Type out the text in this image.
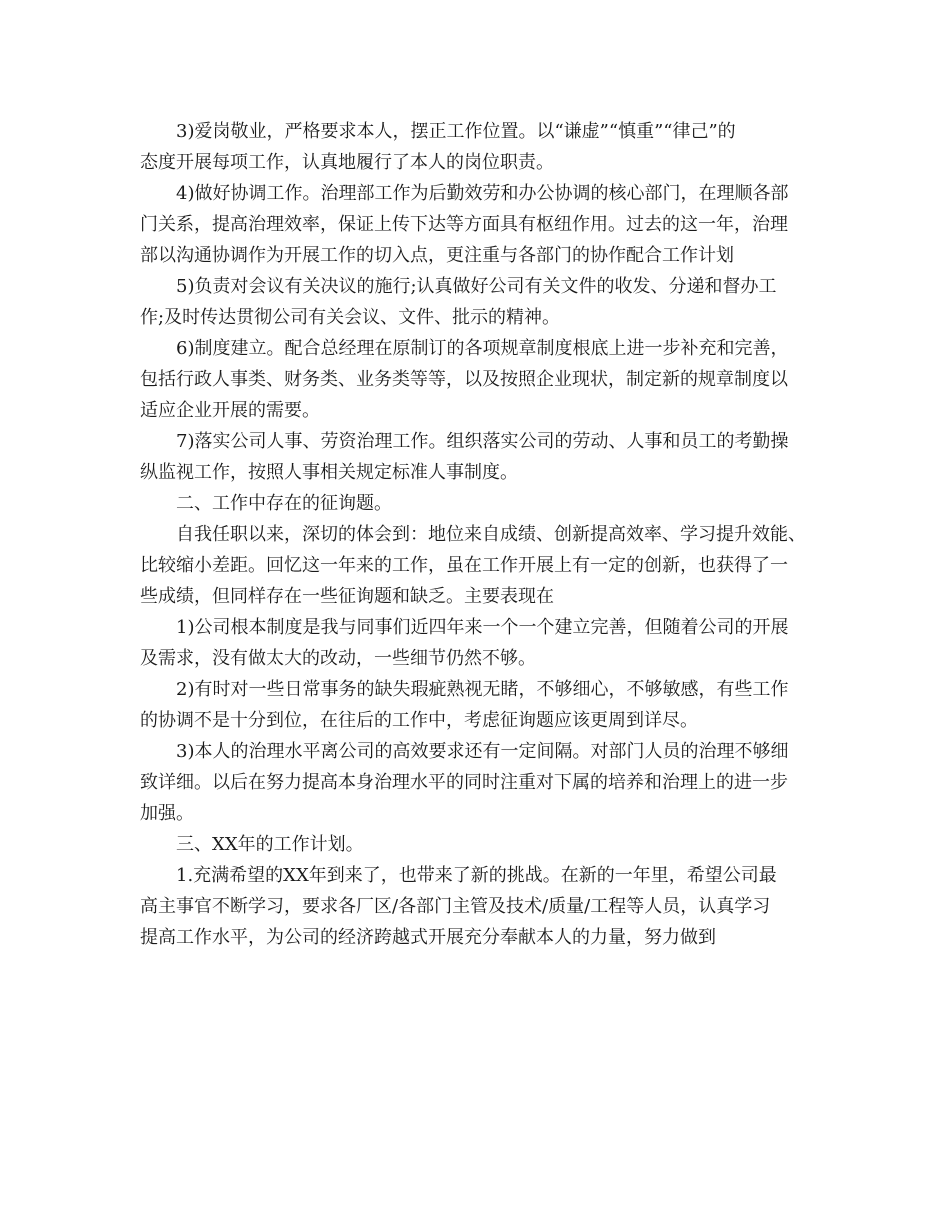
3)爱岗敬业，严格要求本人，摆正工作位置。以“谦虚”“慎重”“律己”的
态度开展每项工作，认真地履行了本人的岗位职责。
4)做好协调工作。治理部工作为后勤效劳和办公协调的核心部门，在理顺各部
门关系，提高治理效率，保证上传下达等方面具有枢纽作用。过去的这一年，治理
部以沟通协调作为开展工作的切入点，更注重与各部门的协作配合工作计划
5)负责对会议有关决议的施行;认真做好公司有关文件的收发、分递和督办工
作;及时传达贯彻公司有关会议、文件、批示的精神。
6)制度建立。配合总经理在原制订的各项规章制度根底上进一步补充和完善，
包括行政人事类、财务类、业务类等等，以及按照企业现状，制定新的规章制度以
适应企业开展的需要。
7)落实公司人事、劳资治理工作。组织落实公司的劳动、人事和员工的考勤操
纵监视工作，按照人事相关规定标准人事制度。
二、工作中存在的征询题。
自我任职以来，深切的体会到：地位来自成绩、创新提高效率、学习提升效能、
比较缩小差距。回忆这一年来的工作，虽在工作开展上有一定的创新，也获得了一
些成绩，但同样存在一些征询题和缺乏。主要表现在
1)公司根本制度是我与同事们近四年来一个一个建立完善，但随着公司的开展
及需求，没有做太大的改动，一些细节仍然不够。
2)有时对一些日常事务的缺失瑕疵熟视无睹，不够细心，不够敏感，有些工作
的协调不是十分到位，在往后的工作中，考虑征询题应该更周到详尽。
3)本人的治理水平离公司的高效要求还有一定间隔。对部门人员的治理不够细
致详细。以后在努力提高本身治理水平的同时注重对下属的培养和治理上的进一步
加强。
三、XX年的工作计划。
1.充满希望的XX年到来了，也带来了新的挑战。在新的一年里，希望公司最
高主事官不断学习，要求各厂区/各部门主管及技术/质量/工程等人员，认真学习
提高工作水平，为公司的经济跨越式开展充分奉献本人的力量，努力做到
